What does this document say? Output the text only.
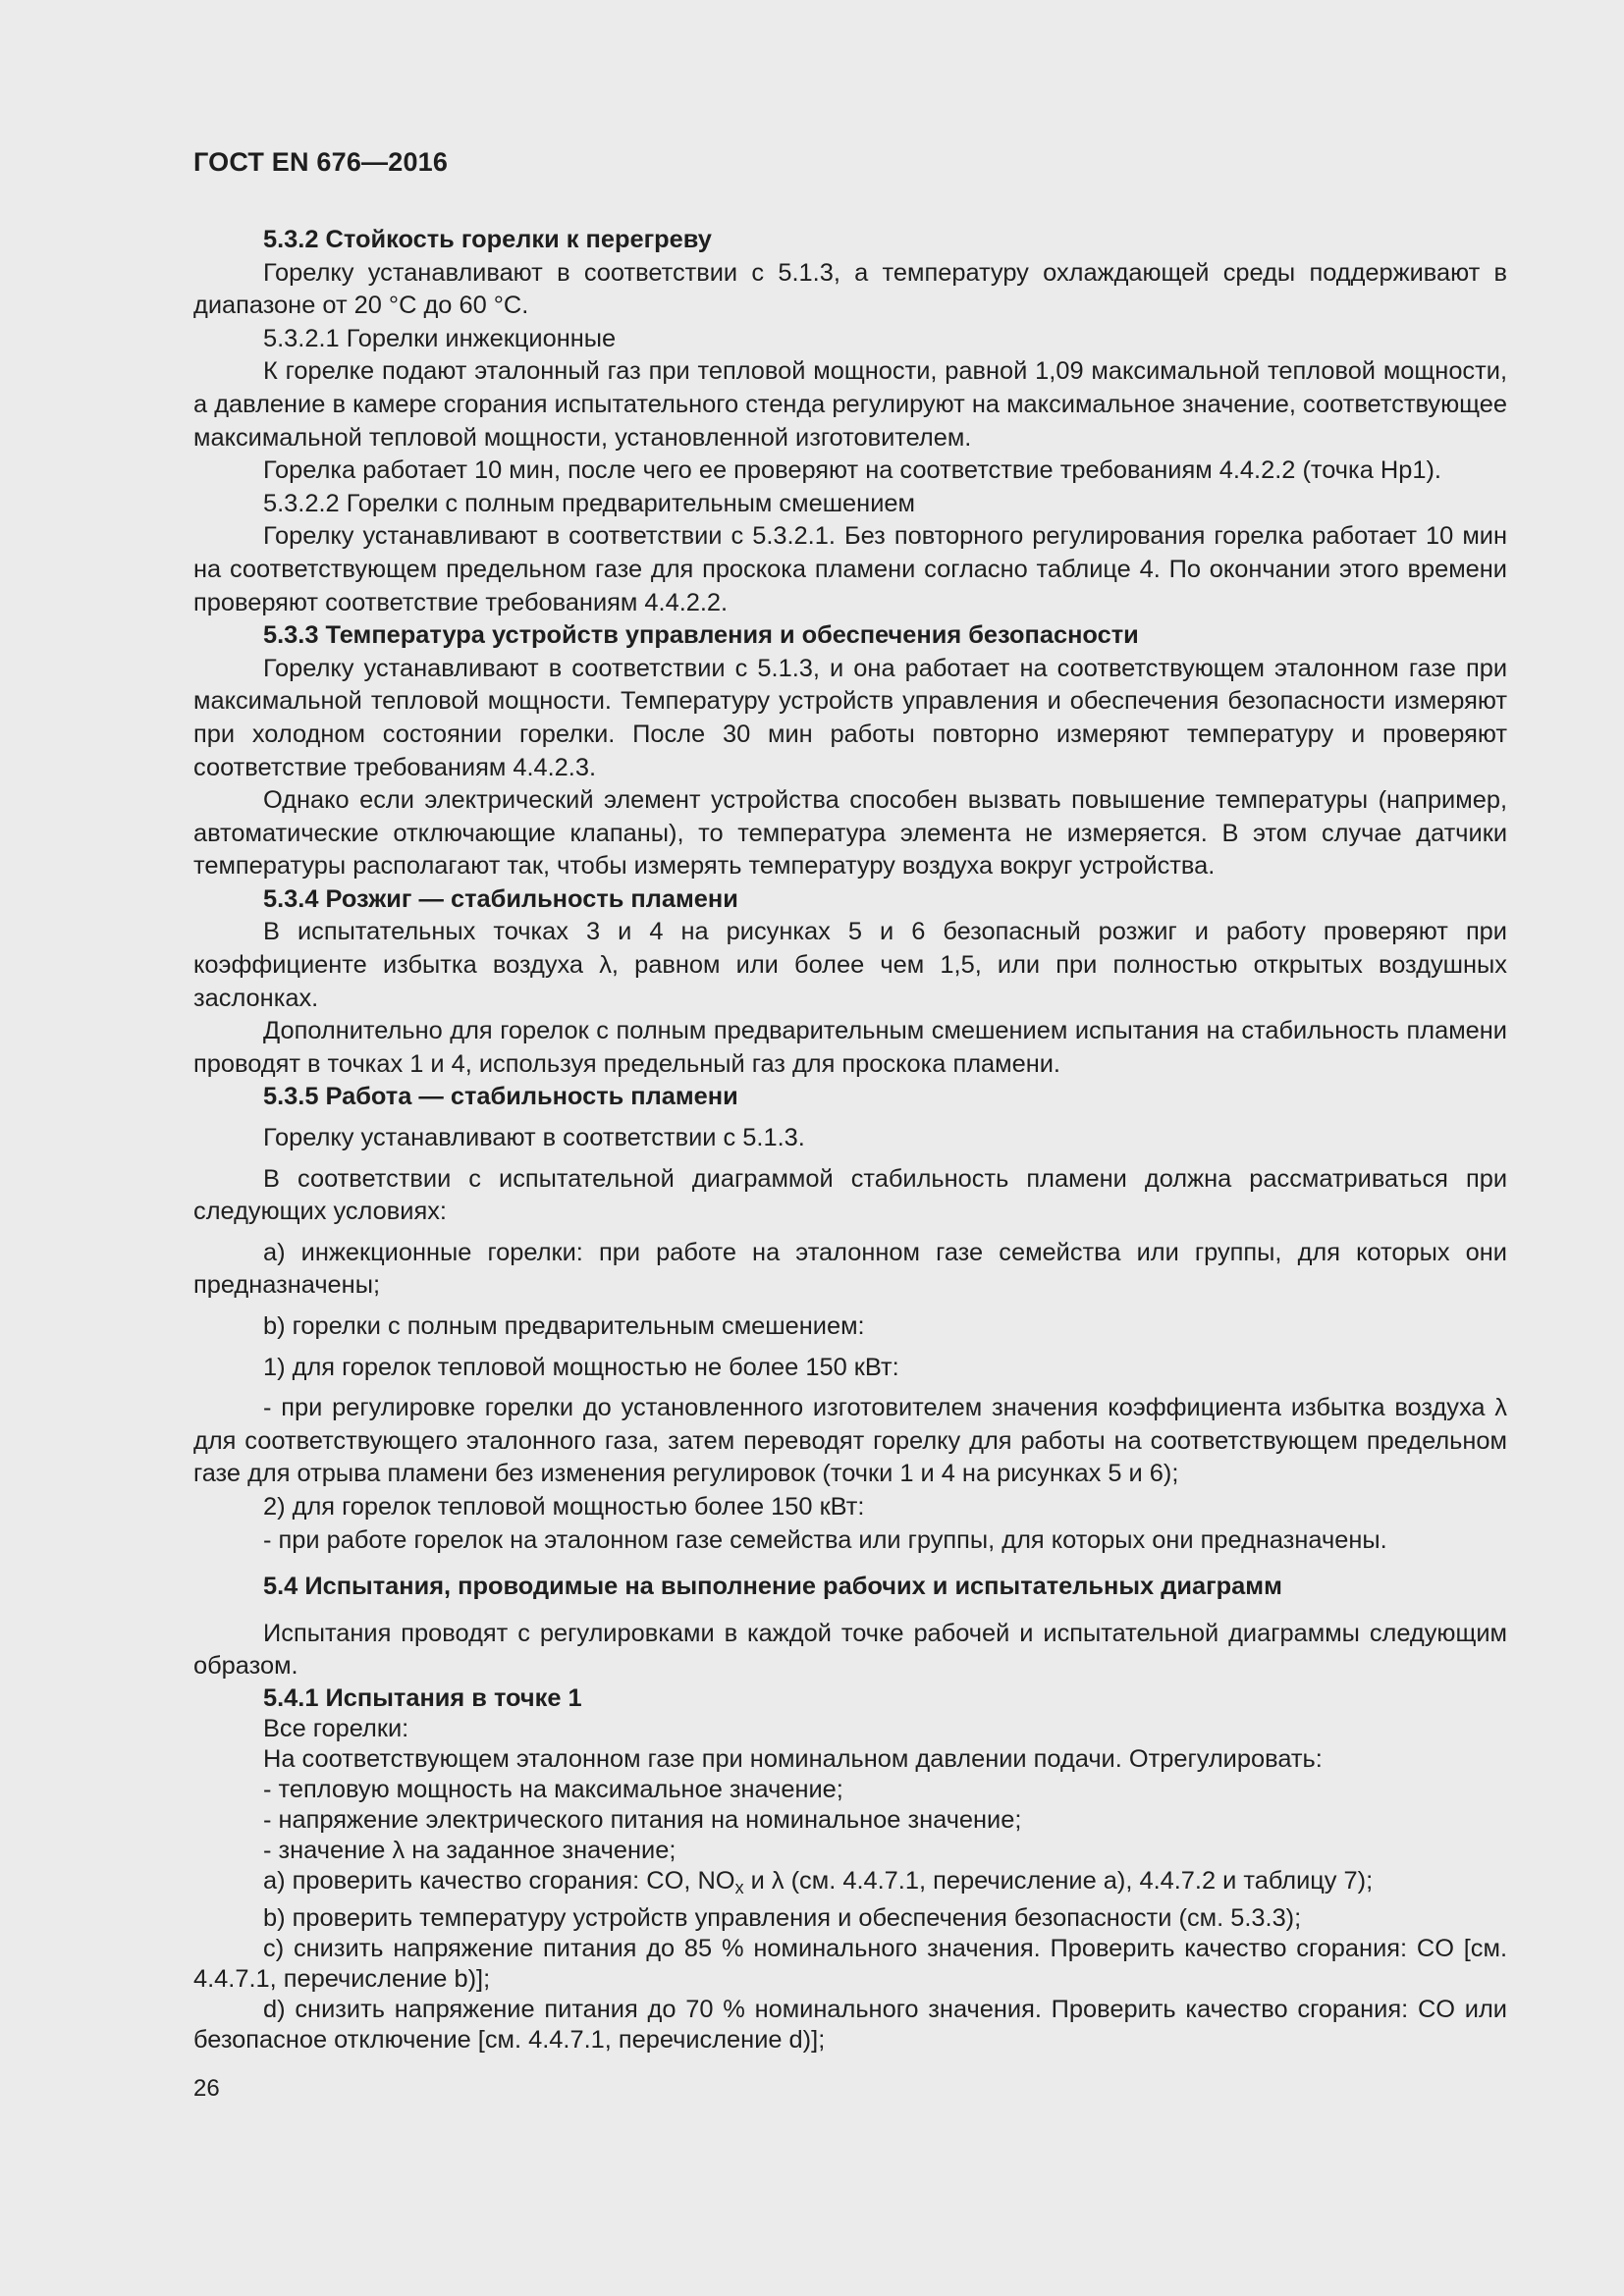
ГОСТ EN 676—2016

5.3.2 Стойкость горелки к перегреву

Горелку устанавливают в соответствии с 5.1.3, а температуру охлаждающей среды поддерживают в диапазоне от 20 °С до 60 °С.

5.3.2.1 Горелки инжекционные

К горелке подают эталонный газ при тепловой мощности, равной 1,09 максимальной тепловой мощности, а давление в камере сгорания испытательного стенда регулируют на максимальное значение, соответствующее максимальной тепловой мощности, установленной изготовителем.

Горелка работает 10 мин, после чего ее проверяют на соответствие требованиям 4.4.2.2 (точка Hp1).

5.3.2.2 Горелки с полным предварительным смешением

Горелку устанавливают в соответствии с 5.3.2.1. Без повторного регулирования горелка работает 10 мин на соответствующем предельном газе для проскока пламени согласно таблице 4. По окончании этого времени проверяют соответствие требованиям 4.4.2.2.

5.3.3 Температура устройств управления и обеспечения безопасности

Горелку устанавливают в соответствии с 5.1.3, и она работает на соответствующем эталонном газе при максимальной тепловой мощности. Температуру устройств управления и обеспечения безопасности измеряют при холодном состоянии горелки. После 30 мин работы повторно измеряют температуру и проверяют соответствие требованиям 4.4.2.3.

Однако если электрический элемент устройства способен вызвать повышение температуры (например, автоматические отключающие клапаны), то температура элемента не измеряется. В этом случае датчики температуры располагают так, чтобы измерять температуру воздуха вокруг устройства.

5.3.4 Розжиг — стабильность пламени

В испытательных точках 3 и 4 на рисунках 5 и 6 безопасный розжиг и работу проверяют при коэффициенте избытка воздуха λ, равном или более чем 1,5, или при полностью открытых воздушных заслонках.

Дополнительно для горелок с полным предварительным смешением испытания на стабильность пламени проводят в точках 1 и 4, используя предельный газ для проскока пламени.

5.3.5 Работа — стабильность пламени

Горелку устанавливают в соответствии с 5.1.3.

В соответствии с испытательной диаграммой стабильность пламени должна рассматриваться при следующих условиях:

a) инжекционные горелки: при работе на эталонном газе семейства или группы, для которых они предназначены;

b) горелки с полным предварительным смешением:

1) для горелок тепловой мощностью не более 150 кВт:

- при регулировке горелки до установленного изготовителем значения коэффициента избытка воздуха λ для соответствующего эталонного газа, затем переводят горелку для работы на соответствующем предельном газе для отрыва пламени без изменения регулировок (точки 1 и 4 на рисунках 5 и 6);

2) для горелок тепловой мощностью более 150 кВт:

- при работе горелок на эталонном газе семейства или группы, для которых они предназначены.

5.4 Испытания, проводимые на выполнение рабочих и испытательных диаграмм

Испытания проводят с регулировками в каждой точке рабочей и испытательной диаграммы следующим образом.

5.4.1 Испытания в точке 1

Все горелки:

На соответствующем эталонном газе при номинальном давлении подачи. Отрегулировать:

- тепловую мощность на максимальное значение;

- напряжение электрического питания на номинальное значение;

- значение λ на заданное значение;

a) проверить качество сгорания: CO, $NO_x$ и λ (см. 4.4.7.1, перечисление a), 4.4.7.2 и таблицу 7);

b) проверить температуру устройств управления и обеспечения безопасности (см. 5.3.3);

c) снизить напряжение питания до 85 % номинального значения. Проверить качество сгорания: CO [см. 4.4.7.1, перечисление b)];

d) снизить напряжение питания до 70 % номинального значения. Проверить качество сгорания: CO или безопасное отключение [см. 4.4.7.1, перечисление d)];

26
